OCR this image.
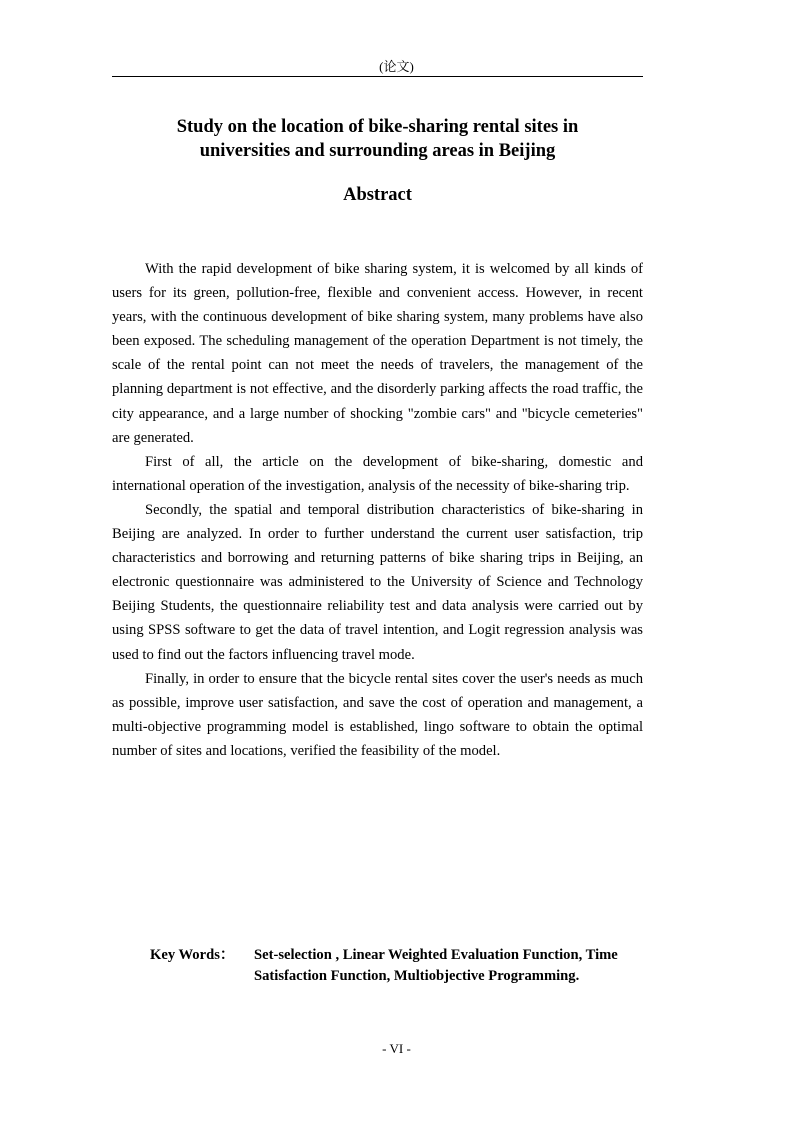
(论文)
Study on the location of bike-sharing rental sites in
universities and surrounding areas in Beijing
Abstract

With the rapid development of bike sharing system, it is welcomed by all kinds of users for its green, pollution-free, flexible and convenient access. However, in recent years, with the continuous development of bike sharing system, many problems have also been exposed. The scheduling management of the operation Department is not timely, the scale of the rental point can not meet the needs of travelers, the management of the planning department is not effective, and the disorderly parking affects the road traffic, the city appearance, and a large number of shocking "zombie cars" and "bicycle cemeteries" are generated.

First of all, the article on the development of bike-sharing, domestic and international operation of the investigation, analysis of the necessity of bike-sharing trip.

Secondly, the spatial and temporal distribution characteristics of bike-sharing in Beijing are analyzed. In order to further understand the current user satisfaction, trip characteristics and borrowing and returning patterns of bike sharing trips in Beijing, an electronic questionnaire was administered to the University of Science and Technology Beijing Students, the questionnaire reliability test and data analysis were carried out by using SPSS software to get the data of travel intention, and Logit regression analysis was used to find out the factors influencing travel mode.

Finally, in order to ensure that the bicycle rental sites cover the user's needs as much as possible, improve user satisfaction, and save the cost of operation and management, a multi-objective programming model is established, lingo software to obtain the optimal number of sites and locations, verified the feasibility of the model.

Key Words： Set-selection , Linear Weighted Evaluation Function, Time Satisfaction Function, Multiobjective Programming.
- VI -
